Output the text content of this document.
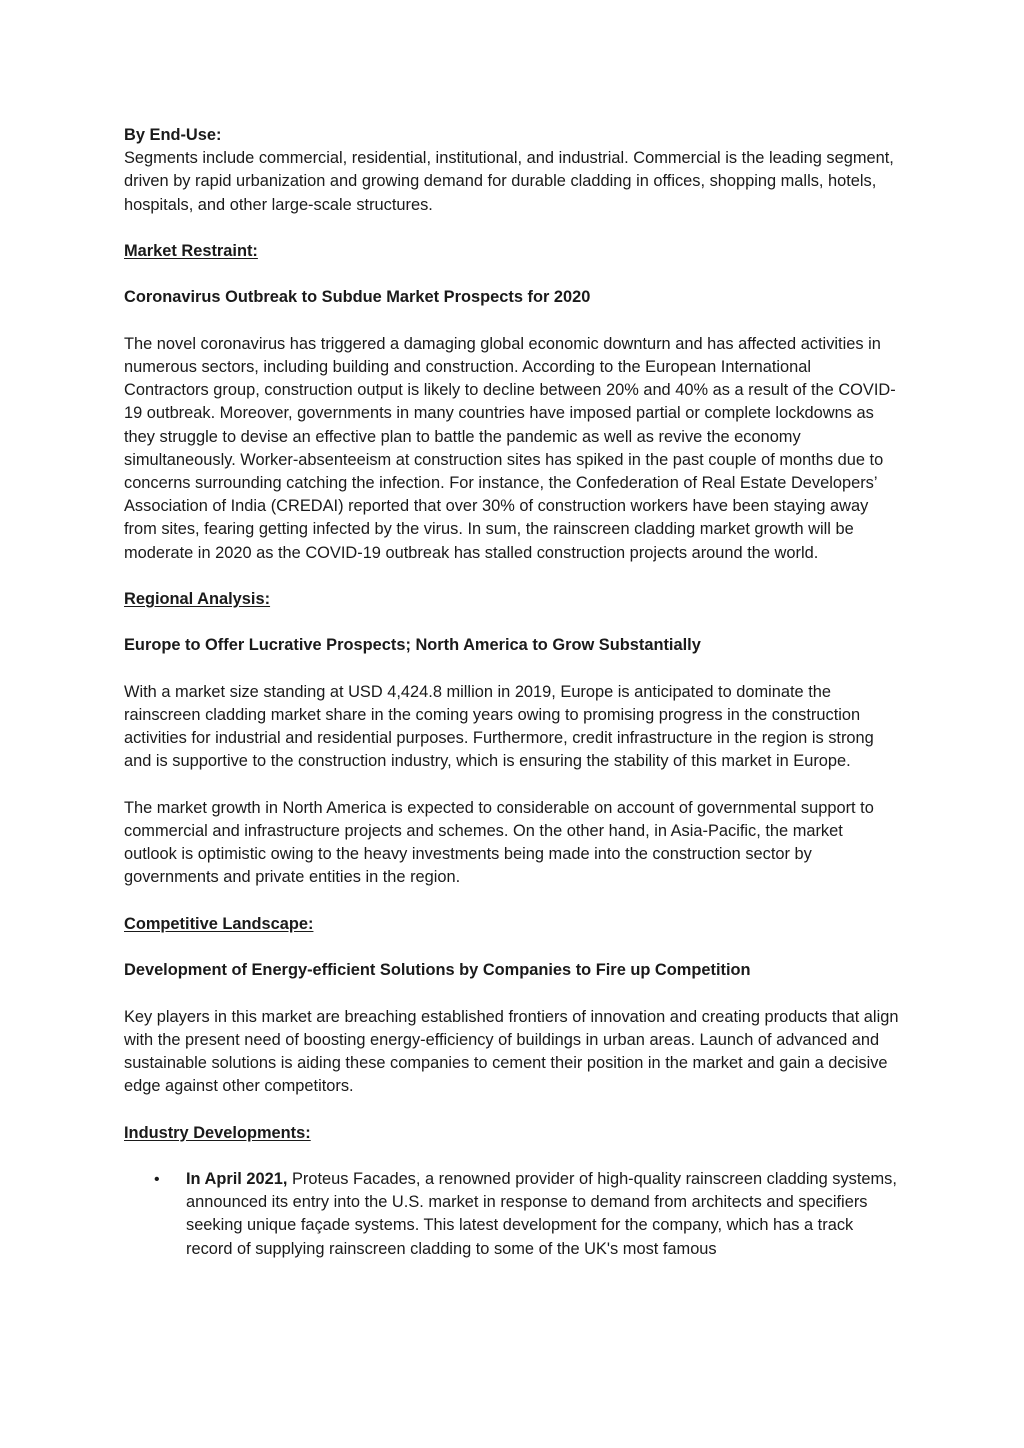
By End-Use:

Segments include commercial, residential, institutional, and industrial. Commercial is the leading segment, driven by rapid urbanization and growing demand for durable cladding in offices, shopping malls, hotels, hospitals, and other large-scale structures.

Market Restraint:

Coronavirus Outbreak to Subdue Market Prospects for 2020

The novel coronavirus has triggered a damaging global economic downturn and has affected activities in numerous sectors, including building and construction. According to the European International Contractors group, construction output is likely to decline between 20% and 40% as a result of the COVID-19 outbreak. Moreover, governments in many countries have imposed partial or complete lockdowns as they struggle to devise an effective plan to battle the pandemic as well as revive the economy simultaneously. Worker-absenteeism at construction sites has spiked in the past couple of months due to concerns surrounding catching the infection. For instance, the Confederation of Real Estate Developers’ Association of India (CREDAI) reported that over 30% of construction workers have been staying away from sites, fearing getting infected by the virus. In sum, the rainscreen cladding market growth will be moderate in 2020 as the COVID-19 outbreak has stalled construction projects around the world.

Regional Analysis:

Europe to Offer Lucrative Prospects; North America to Grow Substantially

With a market size standing at USD 4,424.8 million in 2019, Europe is anticipated to dominate the rainscreen cladding market share in the coming years owing to promising progress in the construction activities for industrial and residential purposes. Furthermore, credit infrastructure in the region is strong and is supportive to the construction industry, which is ensuring the stability of this market in Europe.

The market growth in North America is expected to considerable on account of governmental support to commercial and infrastructure projects and schemes. On the other hand, in Asia-Pacific, the market outlook is optimistic owing to the heavy investments being made into the construction sector by governments and private entities in the region.

Competitive Landscape:

Development of Energy-efficient Solutions by Companies to Fire up Competition

Key players in this market are breaching established frontiers of innovation and creating products that align with the present need of boosting energy-efficiency of buildings in urban areas. Launch of advanced and sustainable solutions is aiding these companies to cement their position in the market and gain a decisive edge against other competitors.

Industry Developments:

• In April 2021, Proteus Facades, a renowned provider of high-quality rainscreen cladding systems, announced its entry into the U.S. market in response to demand from architects and specifiers seeking unique façade systems. This latest development for the company, which has a track record of supplying rainscreen cladding to some of the UK's most famous
